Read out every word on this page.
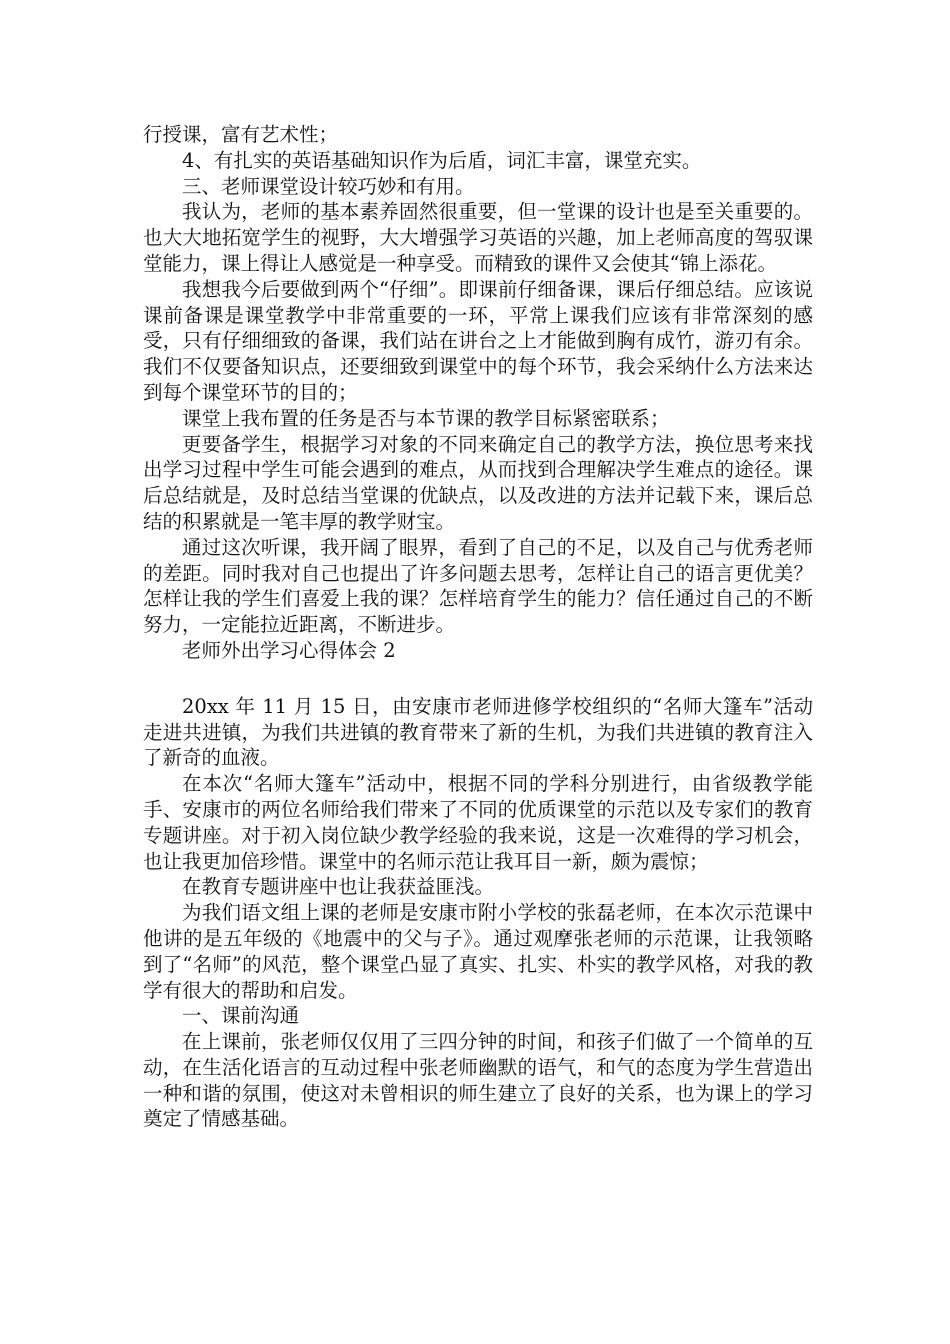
行授课，富有艺术性；

4、有扎实的英语基础知识作为后盾，词汇丰富，课堂充实。

三、老师课堂设计较巧妙和有用。

我认为，老师的基本素养固然很重要，但一堂课的设计也是至关重要的。也大大地拓宽学生的视野，大大增强学习英语的兴趣，加上老师高度的驾驭课堂能力，课上得让人感觉是一种享受。而精致的课件又会使其“锦上添花。

我想我今后要做到两个“仔细”。即课前仔细备课，课后仔细总结。应该说课前备课是课堂教学中非常重要的一环，平常上课我们应该有非常深刻的感受，只有仔细细致的备课，我们站在讲台之上才能做到胸有成竹，游刃有余。我们不仅要备知识点，还要细致到课堂中的每个环节，我会采纳什么方法来达到每个课堂环节的目的；

课堂上我布置的任务是否与本节课的教学目标紧密联系；

更要备学生，根据学习对象的不同来确定自己的教学方法，换位思考来找出学习过程中学生可能会遇到的难点，从而找到合理解决学生难点的途径。课后总结就是，及时总结当堂课的优缺点，以及改进的方法并记载下来，课后总结的积累就是一笔丰厚的教学财宝。

通过这次听课，我开阔了眼界，看到了自己的不足，以及自己与优秀老师的差距。同时我对自己也提出了许多问题去思考，怎样让自己的语言更优美？怎样让我的学生们喜爱上我的课？怎样培育学生的能力？信任通过自己的不断努力，一定能拉近距离，不断进步。

老师外出学习心得体会 2

20xx 年 11 月 15 日，由安康市老师进修学校组织的“名师大篷车”活动走进共进镇，为我们共进镇的教育带来了新的生机，为我们共进镇的教育注入了新奇的血液。

在本次“名师大篷车”活动中，根据不同的学科分别进行，由省级教学能手、安康市的两位名师给我们带来了不同的优质课堂的示范以及专家们的教育专题讲座。对于初入岗位缺少教学经验的我来说，这是一次难得的学习机会，也让我更加倍珍惜。课堂中的名师示范让我耳目一新，颇为震惊；

在教育专题讲座中也让我获益匪浅。

为我们语文组上课的老师是安康市附小学校的张磊老师，在本次示范课中他讲的是五年级的《地震中的父与子》。通过观摩张老师的示范课，让我领略到了“名师”的风范，整个课堂凸显了真实、扎实、朴实的教学风格，对我的教学有很大的帮助和启发。

一、课前沟通

在上课前，张老师仅仅用了三四分钟的时间，和孩子们做了一个简单的互动，在生活化语言的互动过程中张老师幽默的语气，和气的态度为学生营造出一种和谐的氛围，使这对未曾相识的师生建立了良好的关系，也为课上的学习奠定了情感基础。
